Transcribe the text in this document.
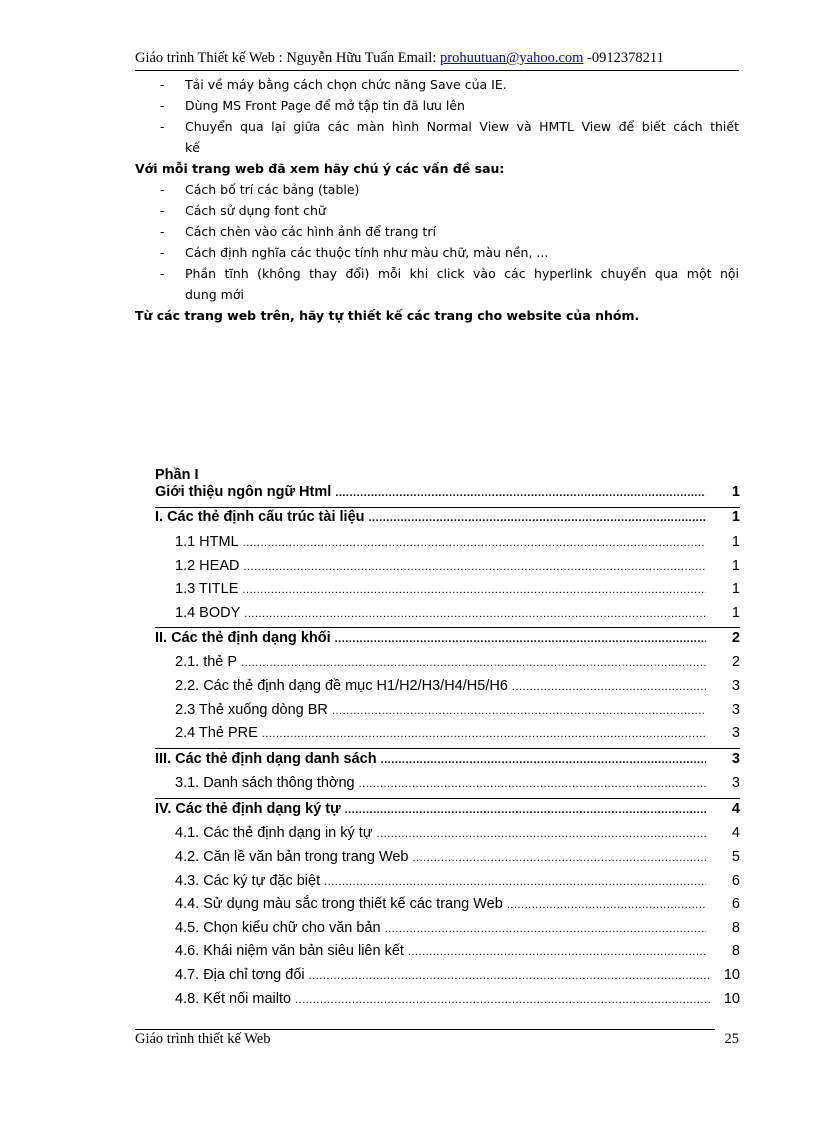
Giáo trình Thiết kế Web : Nguyễn Hữu Tuấn Email: prohuutuan@yahoo.com -0912378211
- Tải về máy bằng cách chọn chức năng Save của IE.
- Dùng MS Front Page để mở tập tin đã lưu lên
- Chuyển qua lại giữa các màn hình Normal View và HMTL View để biết cách thiết
kế
Với mỗi trang web đã xem hãy chú ý các vấn đề sau:
- Cách bố trí các bảng (table)
- Cách sử dụng font chữ
- Cách chèn vào các hình ảnh để trang trí
- Cách định nghĩa các thuộc tính như màu chữ, màu nền, ...
- Phần tĩnh (không thay đổi) mỗi khi click vào các hyperlink chuyển qua một nội
dung mới
Từ các trang web trên, hãy tự thiết kế các trang cho website của nhóm.
Phần I
Giới thiệu ngôn ngữ Html .....	1
I. Các thẻ định cấu trúc tài liệu .....	1
1.1 HTML .....	1
1.2 HEAD .....	1
1.3 TITLE .....	1
1.4 BODY .....	1
II. Các thẻ định dạng khối .....	2
2.1. thẻ P .....	2
2.2. Các thẻ định dạng đề mục H1/H2/H3/H4/H5/H6 .....	3
2.3 Thẻ xuống dòng BR .....	3
2.4 Thẻ PRE .....	3
III. Các thẻ định dạng danh sách .....	3
3.1. Danh sách thông thờng .....	3
IV. Các thẻ định dạng ký tự .....	4
4.1. Các thẻ định dạng in ký tự .....	4
4.2. Căn lề văn bản trong trang Web .....	5
4.3. Các ký tự đặc biệt .....	6
4.4. Sử dụng màu sắc trong thiết kế các trang Web .....	6
4.5. Chọn kiểu chữ cho văn bản .....	8
4.6. Khái niệm văn bản siêu liên kết .....	8
4.7. Địa chỉ tơng đối .....	10
4.8. Kết nối mailto .....	10
Giáo trình thiết kế Web	25
